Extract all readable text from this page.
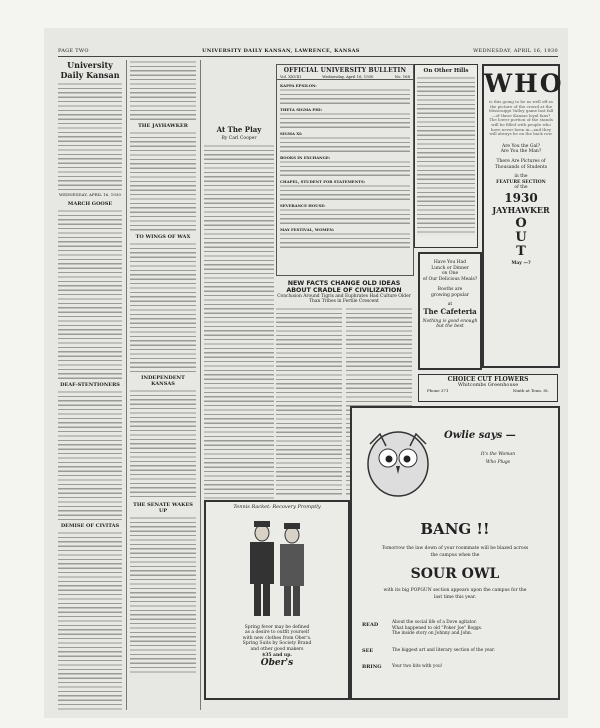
PAGE TWO	UNIVERSITY DAILY KANSAN, LAWRENCE, KANSAS	WEDNESDAY, APRIL 16, 1930
University Daily Kansan
WEDNESDAY, APRIL 16, 1930
MARCH GOOSE
DEAF-STENTIONERS
DEMISE OF CIVITAS
THE JAYHAWKER
TO WINGS OF WAX
INDEPENDENT KANSAS
THE SENATE WAKES UP
At The Play
By Carl Cooper
OFFICIAL UNIVERSITY BULLETIN
Vol. XXVIII	Wednesday, April 16, 1930	No. 168
KAPPA EPSILON:
THETA SIGMA PHI:
SIGMA XI:
BOOKS IN EXCHANGE:
CHAPEL, STUDENT FOR STATEMENTS:
SEVERANCE HOUSE:
MAY FESTIVAL, WOMEN:
NEW FACTS CHANGE OLD IDEAS ABOUT CRADLE OF CIVILIZATION
Conclusion Around Tigris and Euphrates Had Culture Older Than Tribes in Fertile Crescent
Tennis Racket: Recovery Promptly
Spring fever may be defined
as a desire to outfit yourself
with new clothes from Ober's.
Spring Suits by Society Brand
and other good makers
$35 and up.
Ober's
On Other Hills
Have You Had
Lunch or Dinner
on One
of Our Delicious Meals?
Booths are
growing popular
at
The Cafeteria
Nothing is good enough
but the best
WHO
is this going to be as well off as the picture of the crowd at the Mississippi Valley game last fall—of these Kansas loyal fans? The lower portion of the stands will be filled with people who have never been in—and they will always be on the back row.
Are You the Gal?
Are You the Man?
There Are Pictures of Thousands of Students
in the
FEATURE SECTION
of the
1930
JAYHAWKER
OUT
May —?
CHOICE CUT FLOWERS
Whitcombs Greenhouse
Phone 371	Ninth at Tenn. St.
Owlie says —
It's the Woman
Who Plugs
BANG !!
Tomorrow the law down of your roommate will be blazed across
the campus when the
SOUR OWL
with its big POPGUN section appears upon the campus for the
last time this year.
READ	About the social life of a Dove agitator.
What happened to old "Poker Joe" Boggs.
The inside story on Johnny and John.
SEE	The biggest art and literary section of the year.
BRING Your two bits with you!
